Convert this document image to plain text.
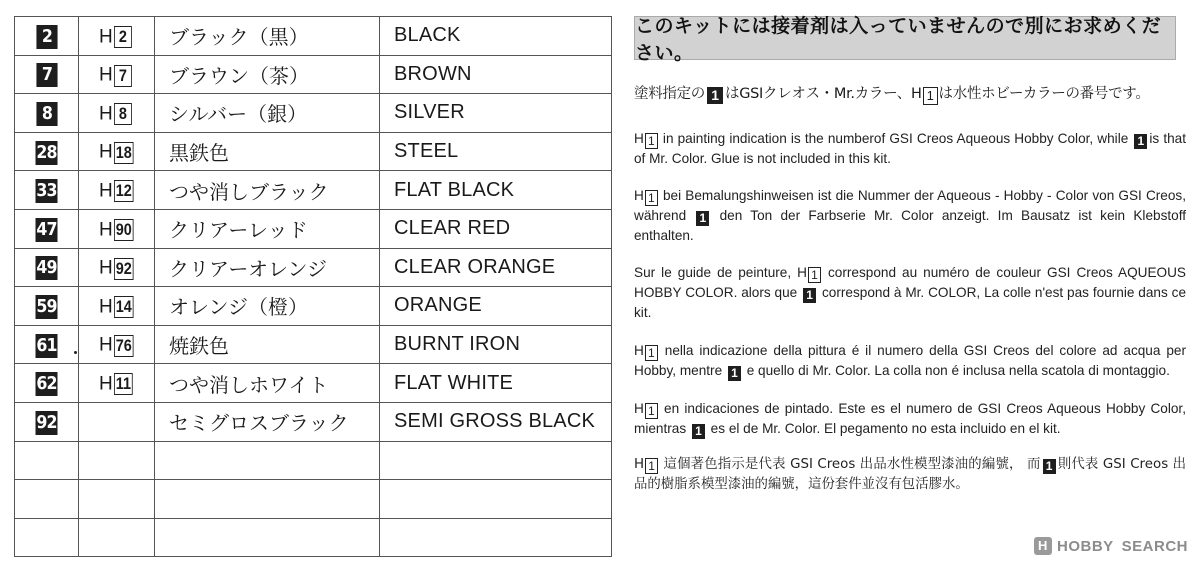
2	H 2	ブラック（黒）	BLACK
7	H 7	ブラウン（茶）	BROWN
8	H 8	シルバー（銀）	SILVER
28	H 18	黒鉄色	STEEL
33	H 12	つや消しブラック	FLAT BLACK
47	H 90	クリアーレッド	CLEAR RED
49	H 92	クリアーオレンジ	CLEAR ORANGE
59	H 14	オレンジ（橙）	ORANGE
61	H 76	焼鉄色	BURNT IRON
62	H 11	つや消しホワイト	FLAT WHITE
92		セミグロスブラック	SEMI GROSS BLACK

このキットには接着剤は入っていませんので別にお求めください。
塗料指定の 1 はGSIクレオス・Mr.カラー、H 1 は水性ホビーカラーの番号です。
H 1 in painting indication is the numberof GSI Creos Aqueous Hobby Color, while 1 is that of Mr. Color. Glue is not included in this kit.
H 1 bei Bemalungshinweisen ist die Nummer der Aqueous - Hobby - Color von GSI Creos, während 1 den Ton der Farbserie Mr. Color anzeigt. Im Bausatz ist kein Klebstoff enthalten.
Sur le guide de peinture, H 1 correspond au numéro de couleur GSI Creos AQUEOUS HOBBY COLOR. alors que 1 correspond à Mr. COLOR, La colle n'est pas fournie dans ce kit.
H 1 nella indicazione della pittura é il numero della GSI Creos del colore ad acqua per Hobby, mentre 1 e quello di Mr. Color. La colla non é inclusa nella scatola di montaggio.
H 1 en indicaciones de pintado. Este es el numero de GSI Creos Aqueous Hobby Color, mientras 1 es el de Mr. Color. El pegamento no esta incluido en el kit.
H 1 這個著色指示是代表 GSI Creos 出品水性模型漆油的編號， 而 1 則代表 GSI Creos 出品的樹脂系模型漆油的編號，這份套件並沒有包活膠水。
H HOBBY SEARCH
